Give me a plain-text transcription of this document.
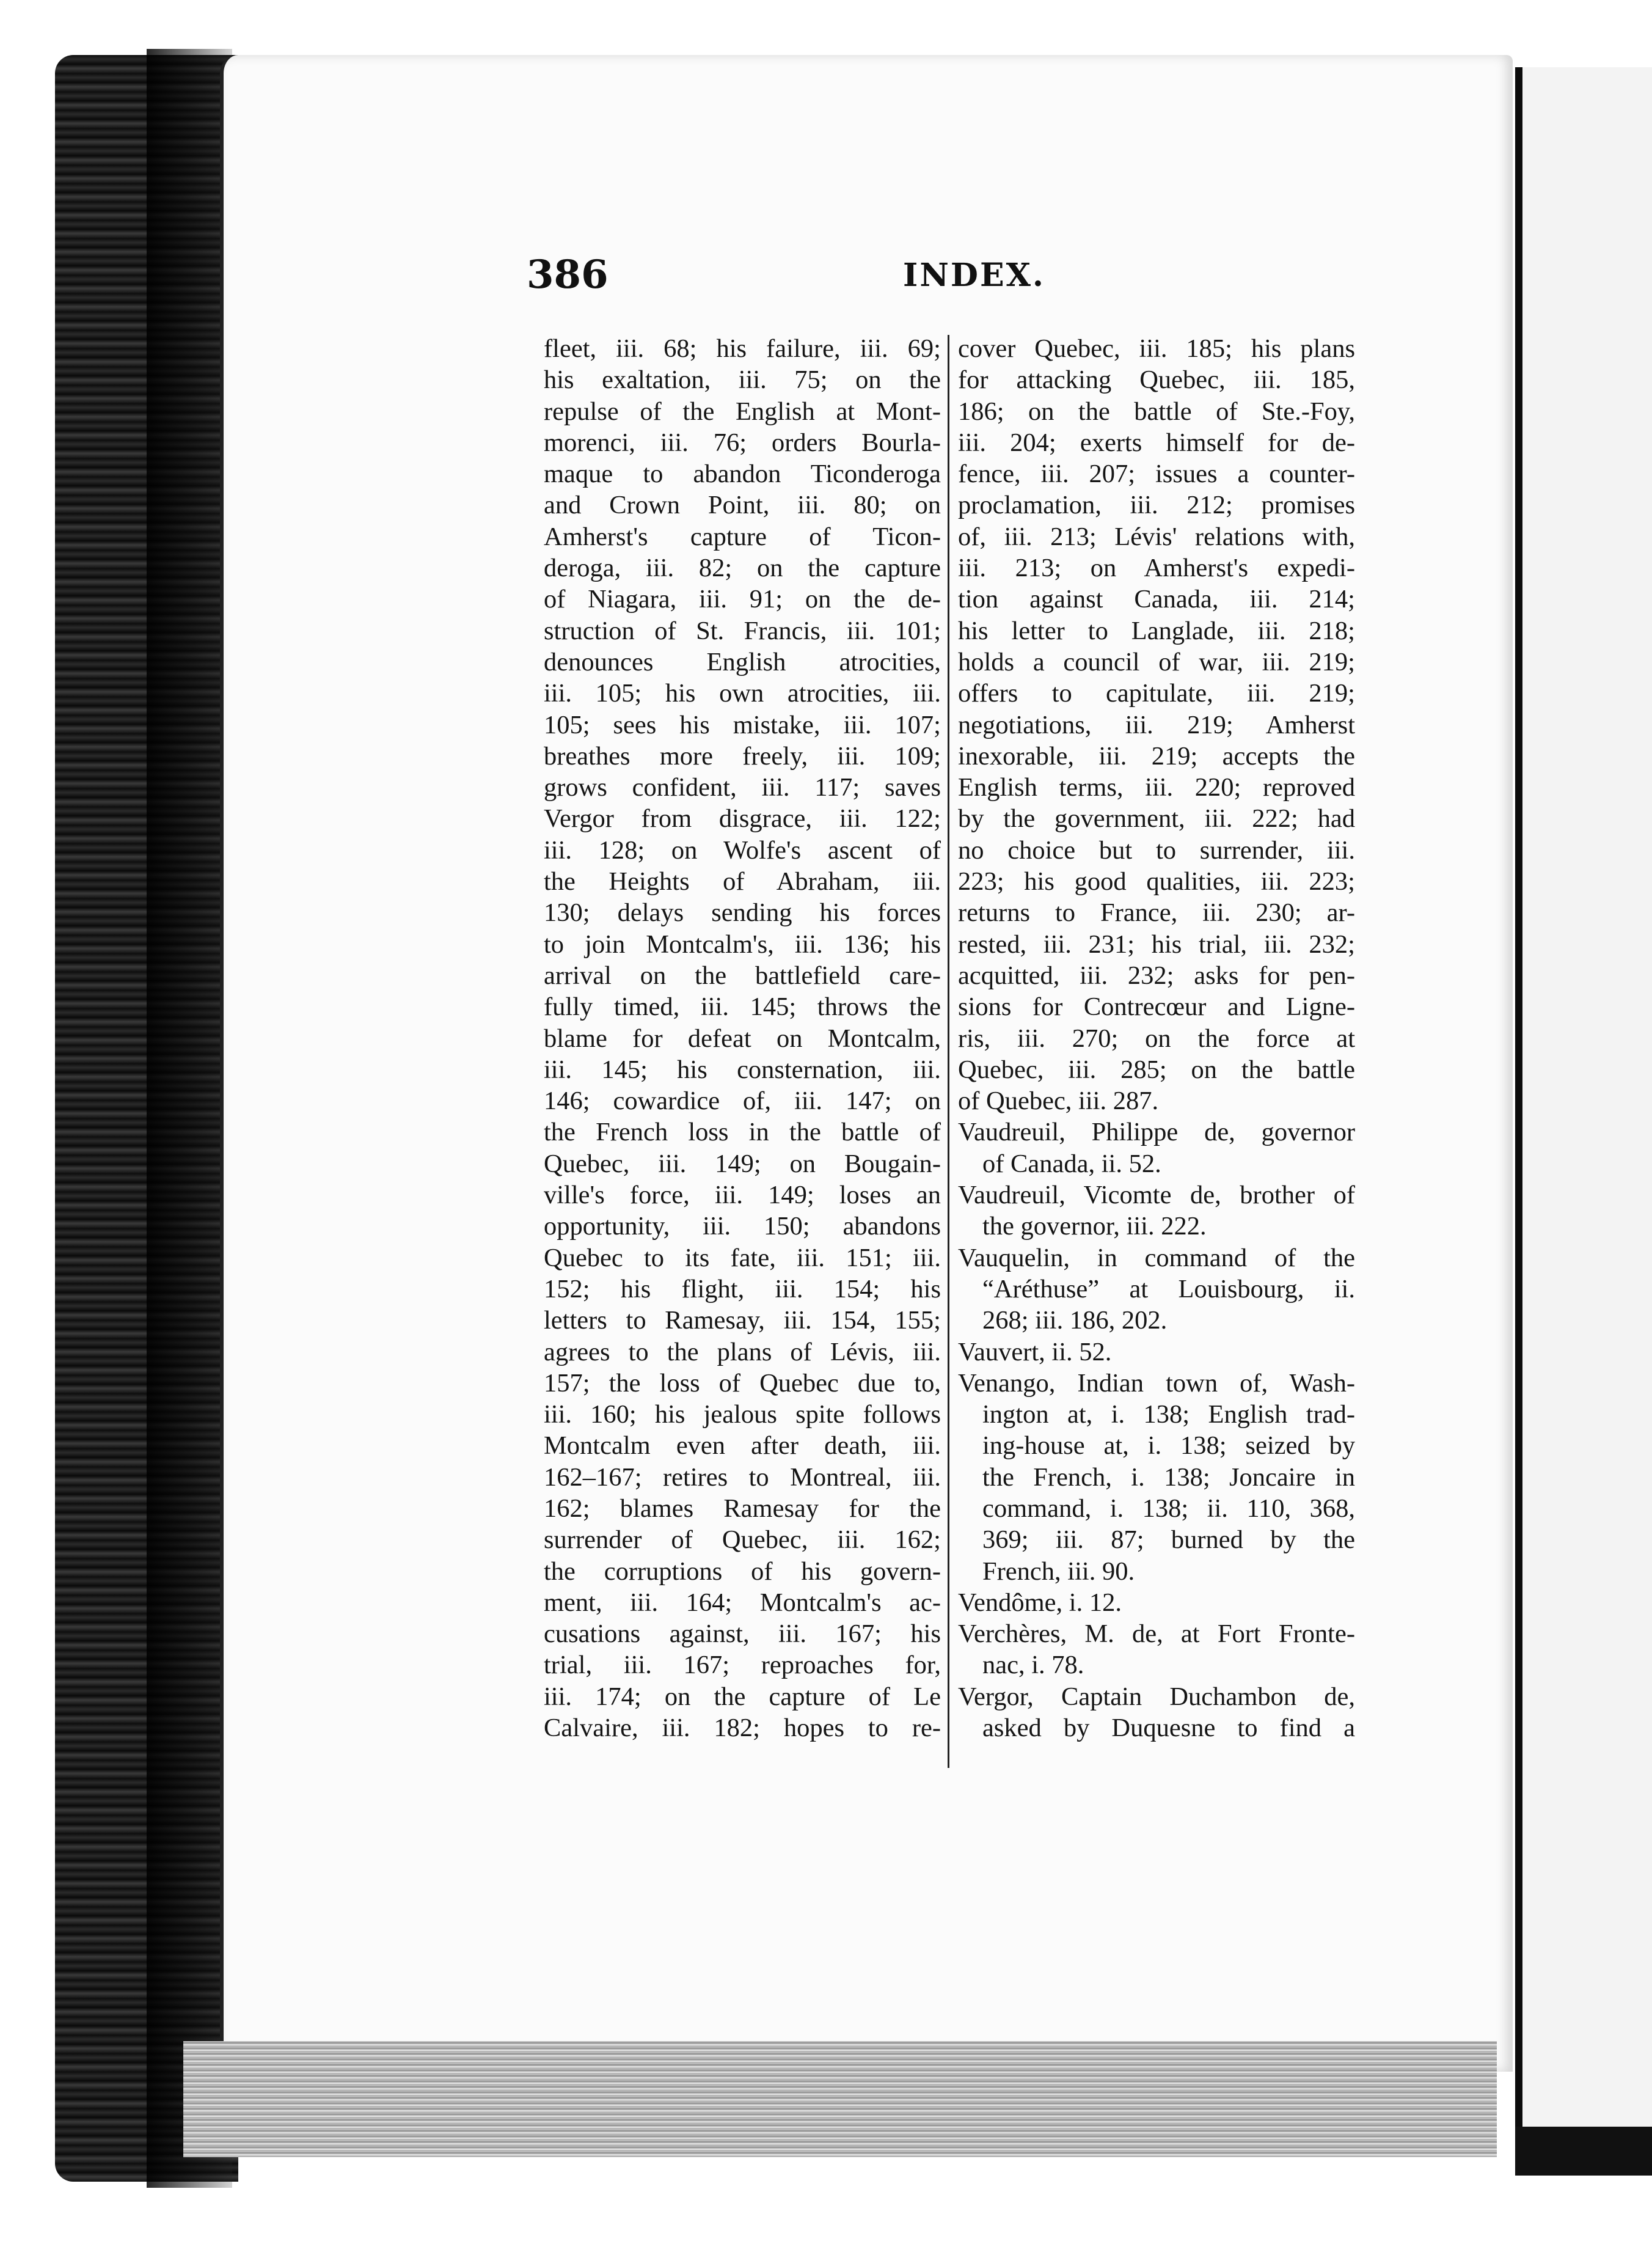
386	INDEX.
fleet, iii. 68; his failure, iii. 69;
his exaltation, iii. 75; on the
repulse of the English at Mont-
morenci, iii. 76; orders Bourla-
maque to abandon Ticonderoga
and Crown Point, iii. 80; on
Amherst's capture of Ticon-
deroga, iii. 82; on the capture
of Niagara, iii. 91; on the de-
struction of St. Francis, iii. 101;
denounces English atrocities,
iii. 105; his own atrocities, iii.
105; sees his mistake, iii. 107;
breathes more freely, iii. 109;
grows confident, iii. 117; saves
Vergor from disgrace, iii. 122;
iii. 128; on Wolfe's ascent of
the Heights of Abraham, iii.
130; delays sending his forces
to join Montcalm's, iii. 136; his
arrival on the battlefield care-
fully timed, iii. 145; throws the
blame for defeat on Montcalm,
iii. 145; his consternation, iii.
146; cowardice of, iii. 147; on
the French loss in the battle of
Quebec, iii. 149; on Bougain-
ville's force, iii. 149; loses an
opportunity, iii. 150; abandons
Quebec to its fate, iii. 151; iii.
152; his flight, iii. 154; his
letters to Ramesay, iii. 154, 155;
agrees to the plans of Lévis, iii.
157; the loss of Quebec due to,
iii. 160; his jealous spite follows
Montcalm even after death, iii.
162–167; retires to Montreal, iii.
162; blames Ramesay for the
surrender of Quebec, iii. 162;
the corruptions of his govern-
ment, iii. 164; Montcalm's ac-
cusations against, iii. 167; his
trial, iii. 167; reproaches for,
iii. 174; on the capture of Le
Calvaire, iii. 182; hopes to re-
cover Quebec, iii. 185; his plans
for attacking Quebec, iii. 185,
186; on the battle of Ste.-Foy,
iii. 204; exerts himself for de-
fence, iii. 207; issues a counter-
proclamation, iii. 212; promises
of, iii. 213; Lévis' relations with,
iii. 213; on Amherst's expedi-
tion against Canada, iii. 214;
his letter to Langlade, iii. 218;
holds a council of war, iii. 219;
offers to capitulate, iii. 219;
negotiations, iii. 219; Amherst
inexorable, iii. 219; accepts the
English terms, iii. 220; reproved
by the government, iii. 222; had
no choice but to surrender, iii.
223; his good qualities, iii. 223;
returns to France, iii. 230; ar-
rested, iii. 231; his trial, iii. 232;
acquitted, iii. 232; asks for pen-
sions for Contrecœur and Ligne-
ris, iii. 270; on the force at
Quebec, iii. 285; on the battle
of Quebec, iii. 287.
Vaudreuil, Philippe de, governor
of Canada, ii. 52.
Vaudreuil, Vicomte de, brother of
the governor, iii. 222.
Vauquelin, in command of the
“Aréthuse” at Louisbourg, ii.
268; iii. 186, 202.
Vauvert, ii. 52.
Venango, Indian town of, Wash-
ington at, i. 138; English trad-
ing-house at, i. 138; seized by
the French, i. 138; Joncaire in
command, i. 138; ii. 110, 368,
369; iii. 87; burned by the
French, iii. 90.
Vendôme, i. 12.
Verchères, M. de, at Fort Fronte-
nac, i. 78.
Vergor, Captain Duchambon de,
asked by Duquesne to find a
